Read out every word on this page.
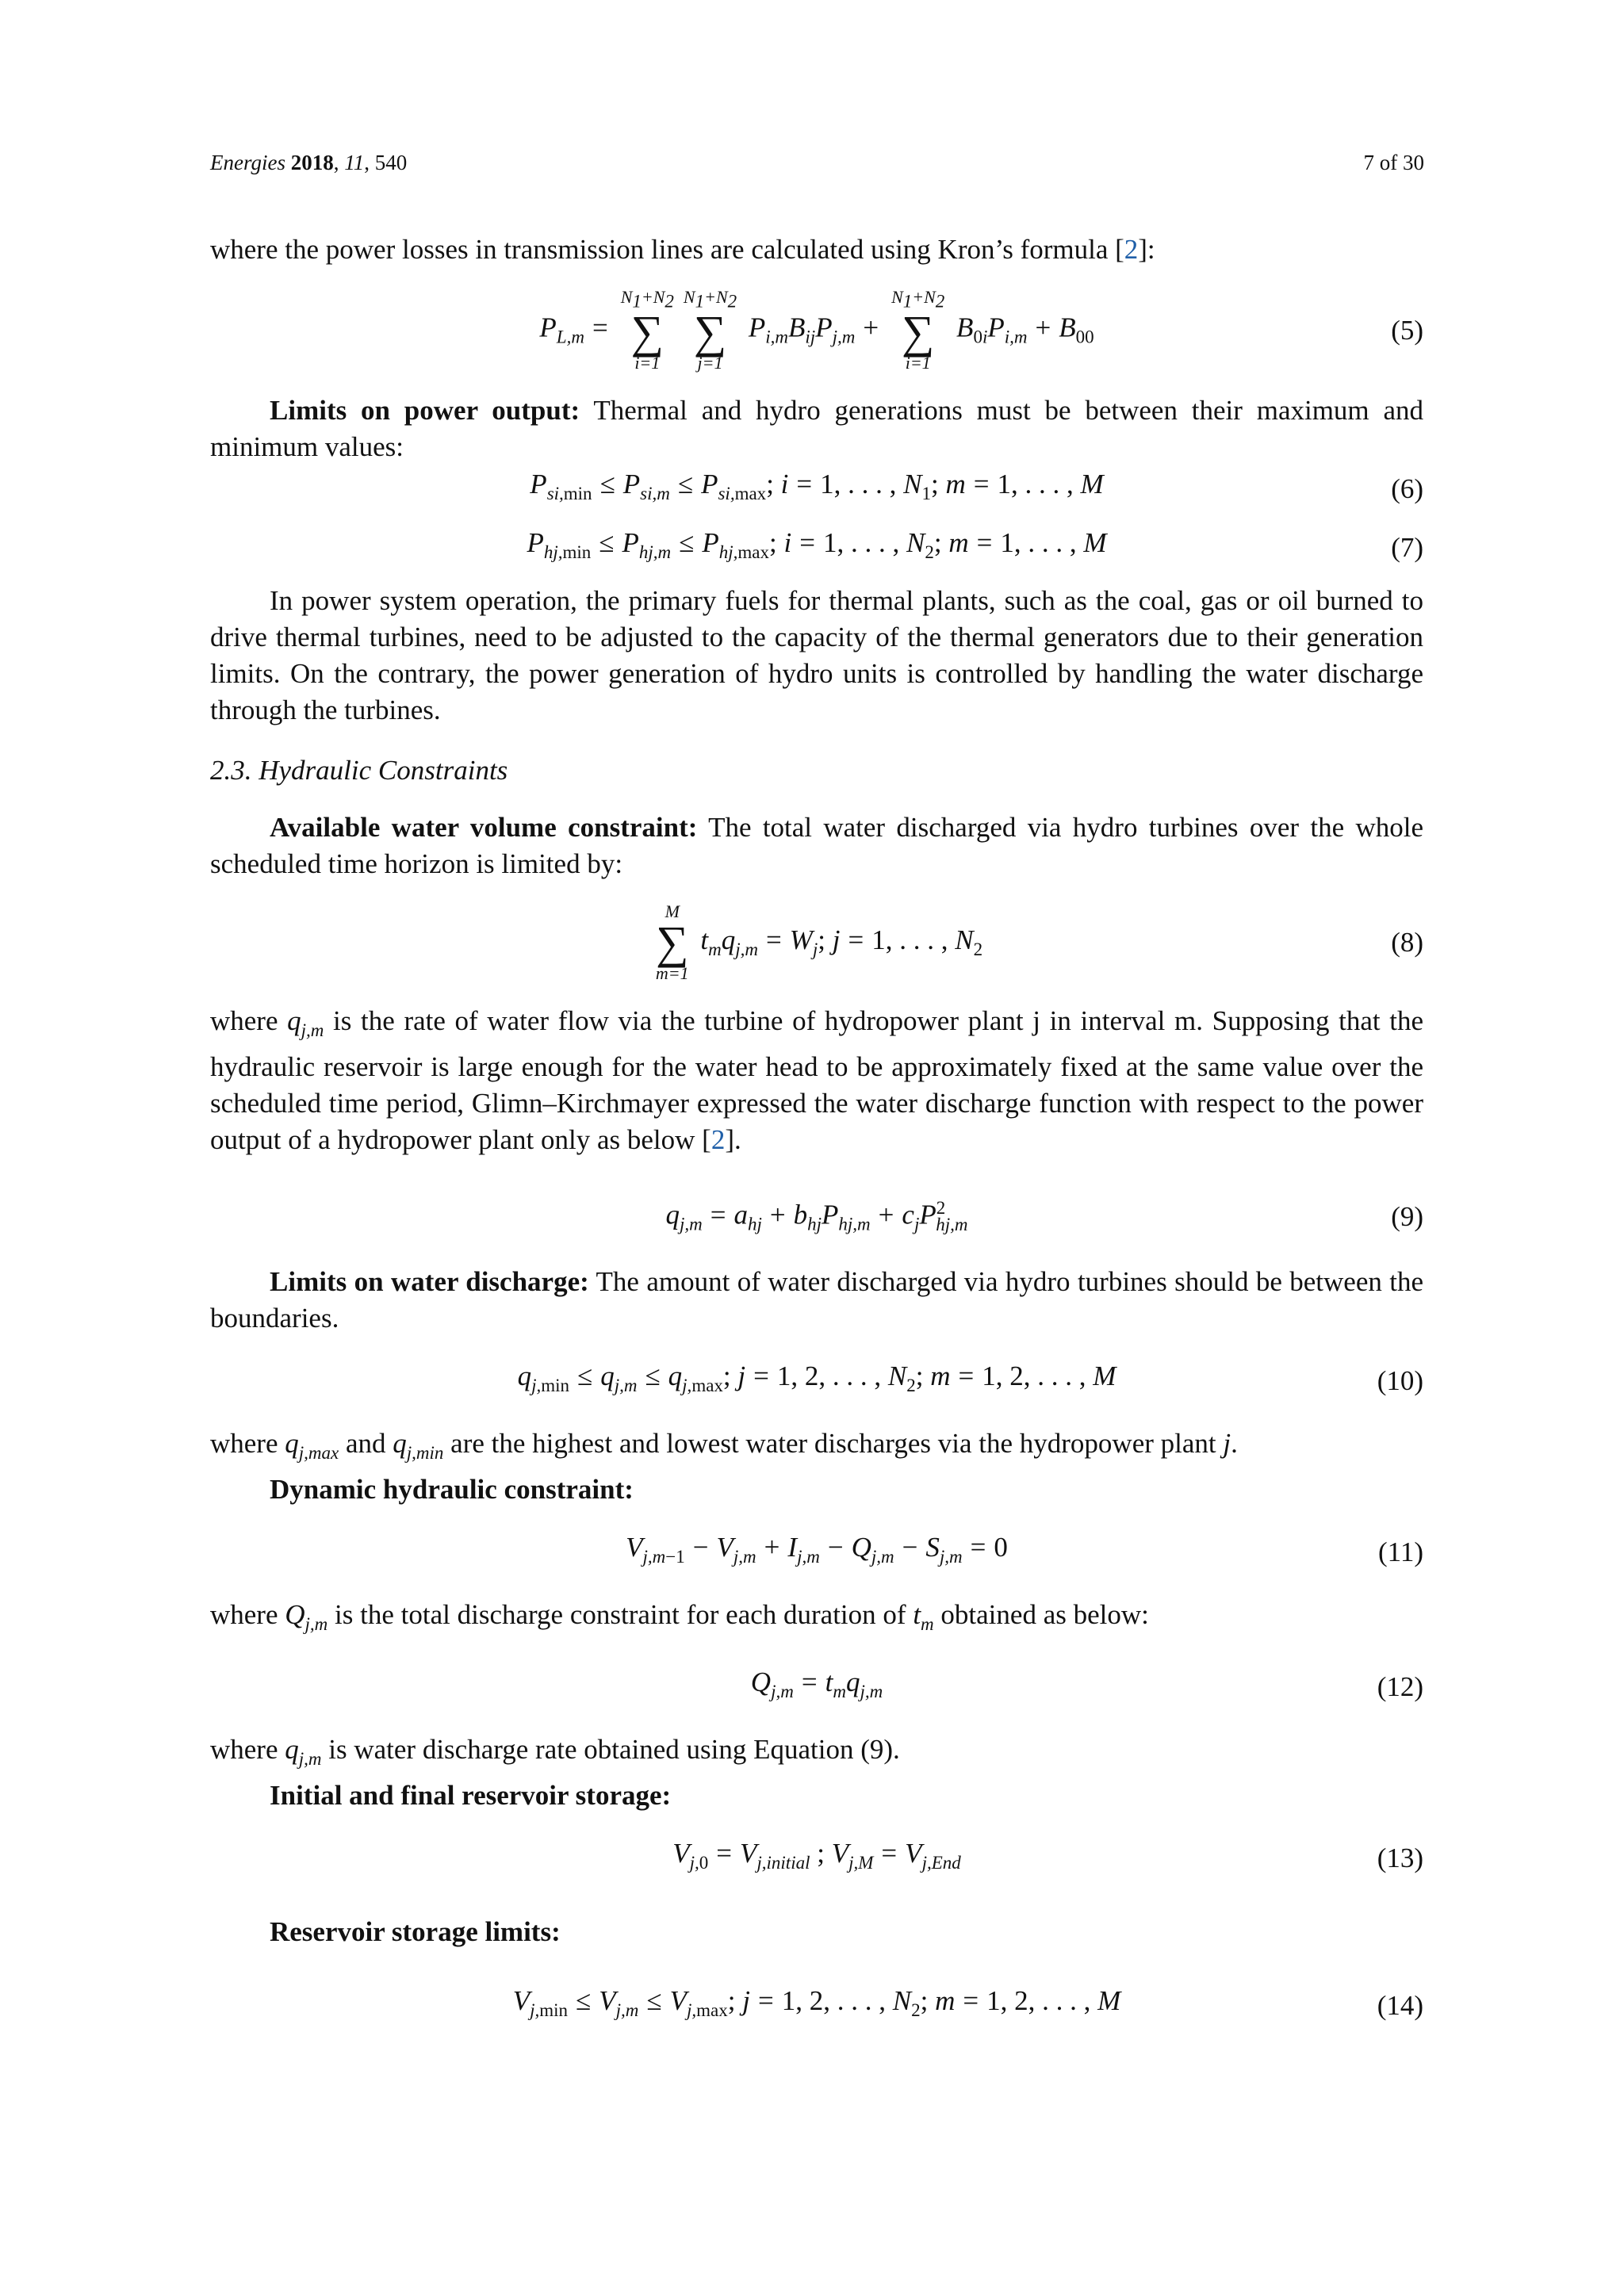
Energies 2018, 11, 540	7 of 30

where the power losses in transmission lines are calculated using Kron’s formula [2]:

$P_{L,m}$ =
$N_1+N_2$
∑
i=1
$N_1+N_2$
∑
j=1
$P_{i,m}B_{ij}P_{j,m}$ +
$N_1+N_2$
∑
i=1
$B_{0i}P_{i,m} + B_{00}$	(5)

Limits on power output: Thermal and hydro generations must be between their maximum and minimum values:

$P_{si,min} \le P_{si,m} \le P_{si,max}$; i = 1, . . . , $N_1$; m = 1, . . . , M	(6)
$P_{hj,min} \le P_{hj,m} \le P_{hj,max}$; i = 1, . . . , $N_2$; m = 1, . . . , M	(7)

In power system operation, the primary fuels for thermal plants, such as the coal, gas or oil burned to drive thermal turbines, need to be adjusted to the capacity of the thermal generators due to their generation limits. On the contrary, the power generation of hydro units is controlled by handling the water discharge through the turbines.

2.3. Hydraulic Constraints

Available water volume constraint: The total water discharged via hydro turbines over the whole scheduled time horizon is limited by:

M
∑
m=1
$t_mq_{j,m} = W_j$; j = 1, . . . , $N_2$	(8)

where $q_{j,m}$ is the rate of water flow via the turbine of hydropower plant j in interval m. Supposing that the hydraulic reservoir is large enough for the water head to be approximately fixed at the same value over the scheduled time period, Glimn–Kirchmayer expressed the water discharge function with respect to the power output of a hydropower plant only as below [2].

$q_{j,m} = a_{hj} + b_{hj}P_{hj,m} + c_jP^2_{hj,m}$	(9)

Limits on water discharge: The amount of water discharged via hydro turbines should be between the boundaries.

$q_{j,min} \le q_{j,m} \le q_{j,max}$; j = 1, 2, . . . , $N_2$; m = 1, 2, . . . , M	(10)

where $q_{j,max}$ and $q_{j,min}$ are the highest and lowest water discharges via the hydropower plant j.

Dynamic hydraulic constraint:

$V_{j,m-1} - V_{j,m} + I_{j,m} - Q_{j,m} - S_{j,m} = 0$	(11)

where $Q_{j,m}$ is the total discharge constraint for each duration of $t_m$ obtained as below:

$Q_{j,m} = t_mq_{j,m}$	(12)

where $q_{j,m}$ is water discharge rate obtained using Equation (9).

Initial and final reservoir storage:

$V_{j,0} = V_{j,initial}$ ; $V_{j,M} = V_{j,End}$	(13)

Reservoir storage limits:

$V_{j,min} \le V_{j,m} \le V_{j,max}$; j = 1, 2, . . . , $N_2$; m = 1, 2, . . . , M	(14)
